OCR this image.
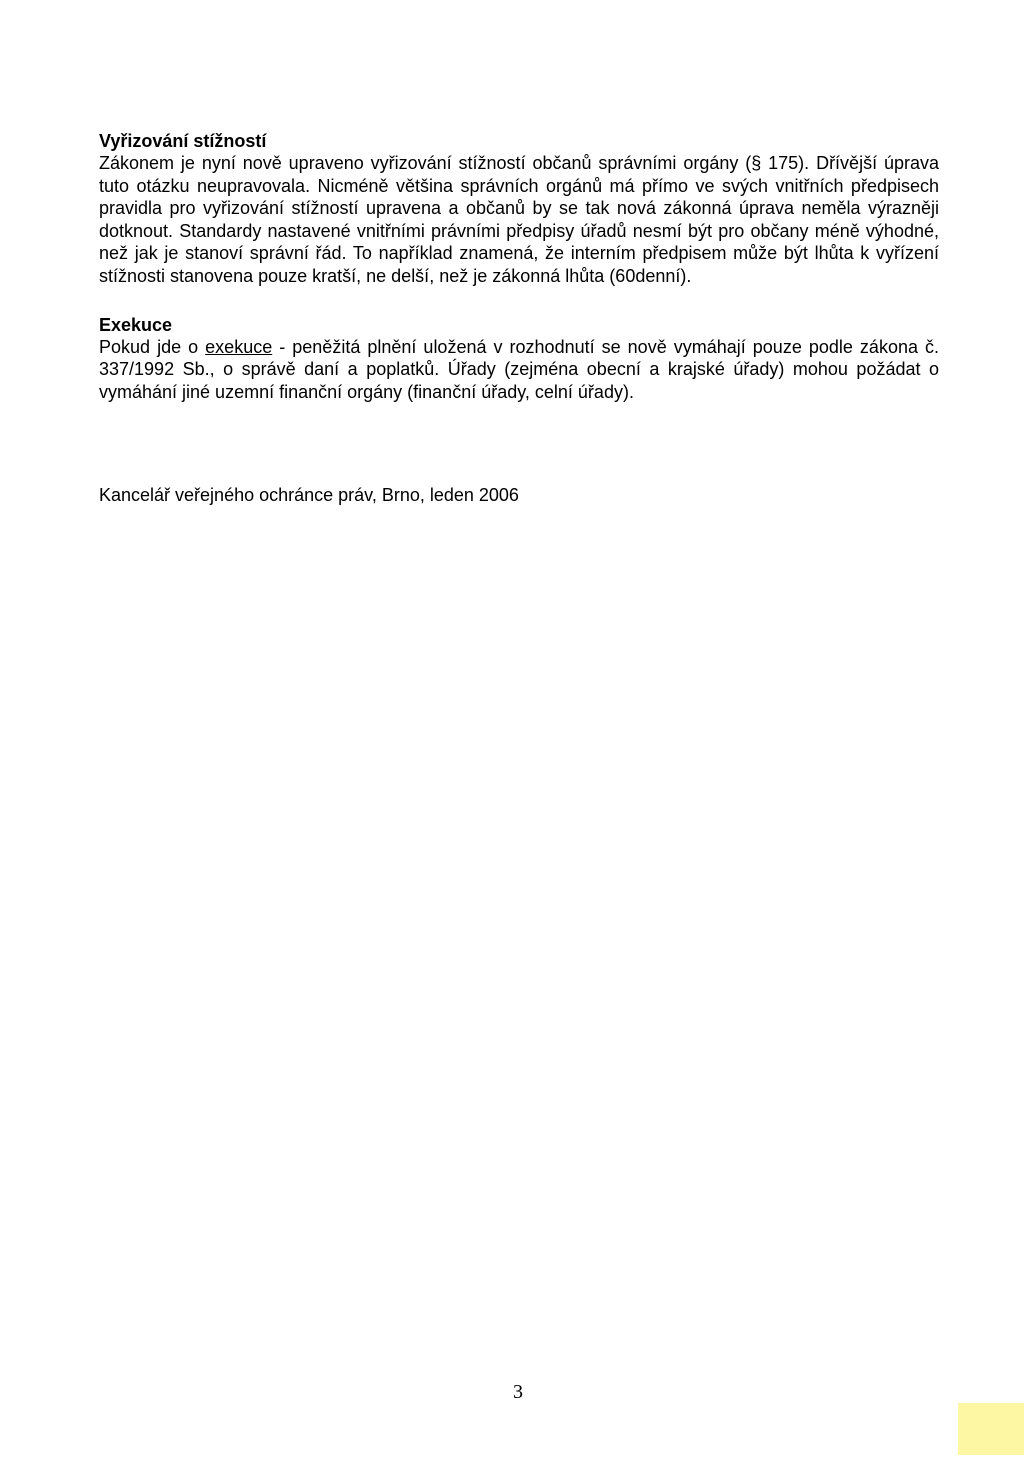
Vyřizování stížností

Zákonem je nyní nově upraveno vyřizování stížností občanů správními orgány (§ 175). Dřívější úprava tuto otázku neupravovala. Nicméně většina správních orgánů má přímo ve svých vnitřních předpisech pravidla pro vyřizování stížností upravena a občanů by se tak nová zákonná úprava neměla výrazněji dotknout. Standardy nastavené vnitřními právními předpisy úřadů nesmí být pro občany méně výhodné, než jak je stanoví správní řád. To například znamená, že interním předpisem může být lhůta k vyřízení stížnosti stanovena pouze kratší, ne delší, než je zákonná lhůta (60denní).

Exekuce

Pokud jde o exekuce - peněžitá plnění uložená v rozhodnutí se nově vymáhají pouze podle zákona č. 337/1992 Sb., o správě daní a poplatků. Úřady (zejména obecní a krajské úřady) mohou požádat o vymáhání jiné uzemní finanční orgány (finanční úřady, celní úřady).

Kancelář veřejného ochránce práv, Brno, leden 2006

3
